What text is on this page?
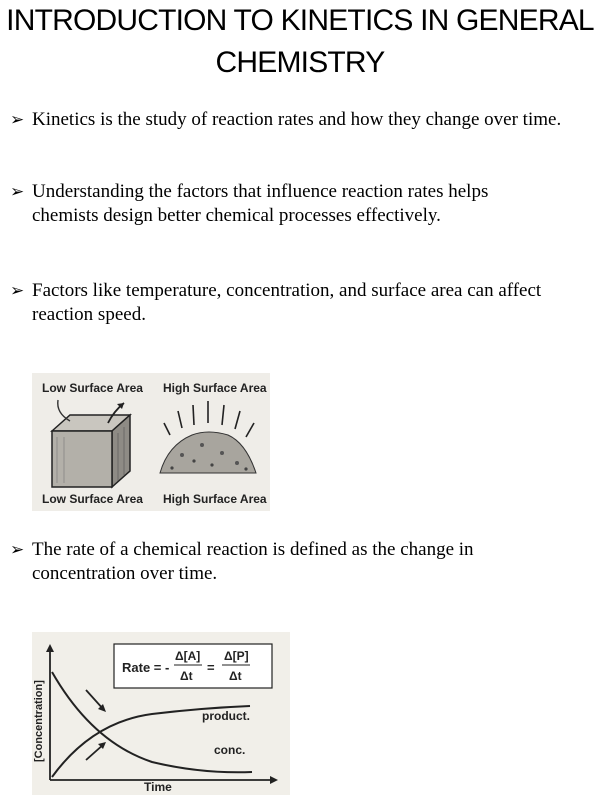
INTRODUCTION TO KINETICS IN GENERAL
CHEMISTRY
➢ Kinetics is the study of reaction rates and how they change over time.
➢ Understanding the factors that influence reaction rates helps chemists design better chemical processes effectively.
➢ Factors like temperature, concentration, and surface area can affect reaction speed.
Low Surface Area High Surface Area
Low Surface Area High Surface Area
➢ The rate of a chemical reaction is defined as the change in concentration over time.
Rate = -
Δ[A]
Δt
=
Δ[P]
Δt
[Concentration]
Time
product.
conc.
